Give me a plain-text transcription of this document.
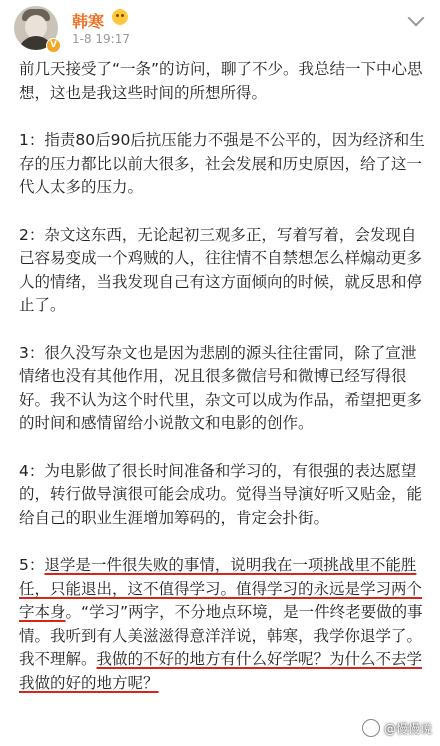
V
韩寒
1-8 19:17

前几天接受了“一条”的访问，聊了不少。我总结一下中心思想，这也是我这些时间的所想所得。

1：指责80后90后抗压能力不强是不公平的，因为经济和生存的压力都比以前大很多，社会发展和历史原因，给了这一代人太多的压力。

2：杂文这东西，无论起初三观多正，写着写着，会发现自己容易变成一个鸡贼的人，往往情不自禁想怎么样煽动更多人的情绪，当我发现自己有这方面倾向的时候，就反思和停止了。

3：很久没写杂文也是因为悲剧的源头往往雷同，除了宣泄情绪也没有其他作用，况且很多微信号和微博已经写得很好。我不认为这个时代里，杂文可以成为作品，希望把更多的时间和感情留给小说散文和电影的创作。

4：为电影做了很长时间准备和学习的，有很强的表达愿望的，转行做导演很可能会成功。觉得当导演好听又贴金，能给自己的职业生涯增加筹码的，肯定会扑街。

5：退学是一件很失败的事情，说明我在一项挑战里不能胜任，只能退出，这不值得学习。值得学习的永远是学习两个字本身。“学习”两字，不分地点环境，是一件终老要做的事情。我听到有人美滋滋得意洋洋说，韩寒，我学你退学了。我不理解。我做的不好的地方有什么好学呢？为什么不去学我做的好的地方呢？

@慢慢说
